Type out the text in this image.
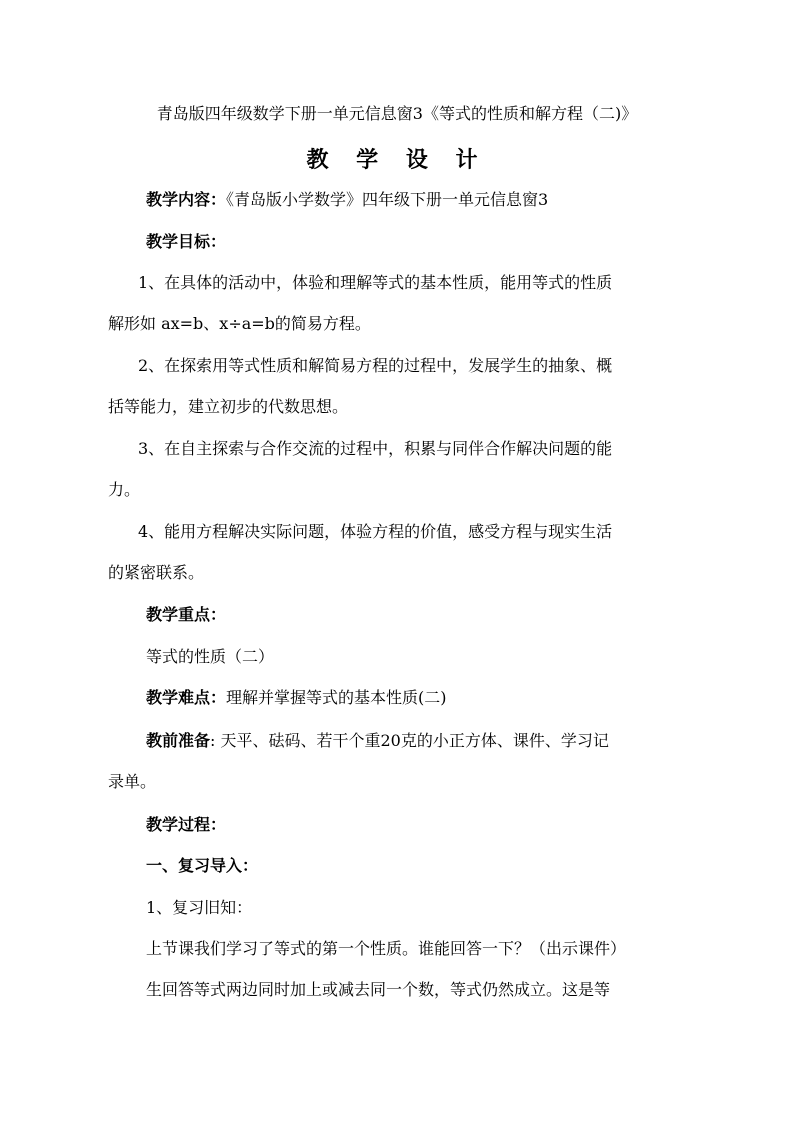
青岛版四年级数学下册一单元信息窗3《等式的性质和解方程（二)》
教 学 设 计
教学内容：《青岛版小学数学》四年级下册一单元信息窗3
教学目标：
1、在具体的活动中，体验和理解等式的基本性质，能用等式的性质
解形如 ax=b、x÷a=b的简易方程。
2、在探索用等式性质和解简易方程的过程中，发展学生的抽象、概
括等能力，建立初步的代数思想。
3、在自主探索与合作交流的过程中，积累与同伴合作解决问题的能
力。
4、能用方程解决实际问题，体验方程的价值，感受方程与现实生活
的紧密联系。
教学重点：
等式的性质（二）
教学难点：理解并掌握等式的基本性质(二)
教前准备: 天平、砝码、若干个重20克的小正方体、课件、学习记
录单。
教学过程：
一、复习导入：
1、复习旧知：
上节课我们学习了等式的第一个性质。谁能回答一下？（出示课件）
生回答等式两边同时加上或减去同一个数，等式仍然成立。这是等
